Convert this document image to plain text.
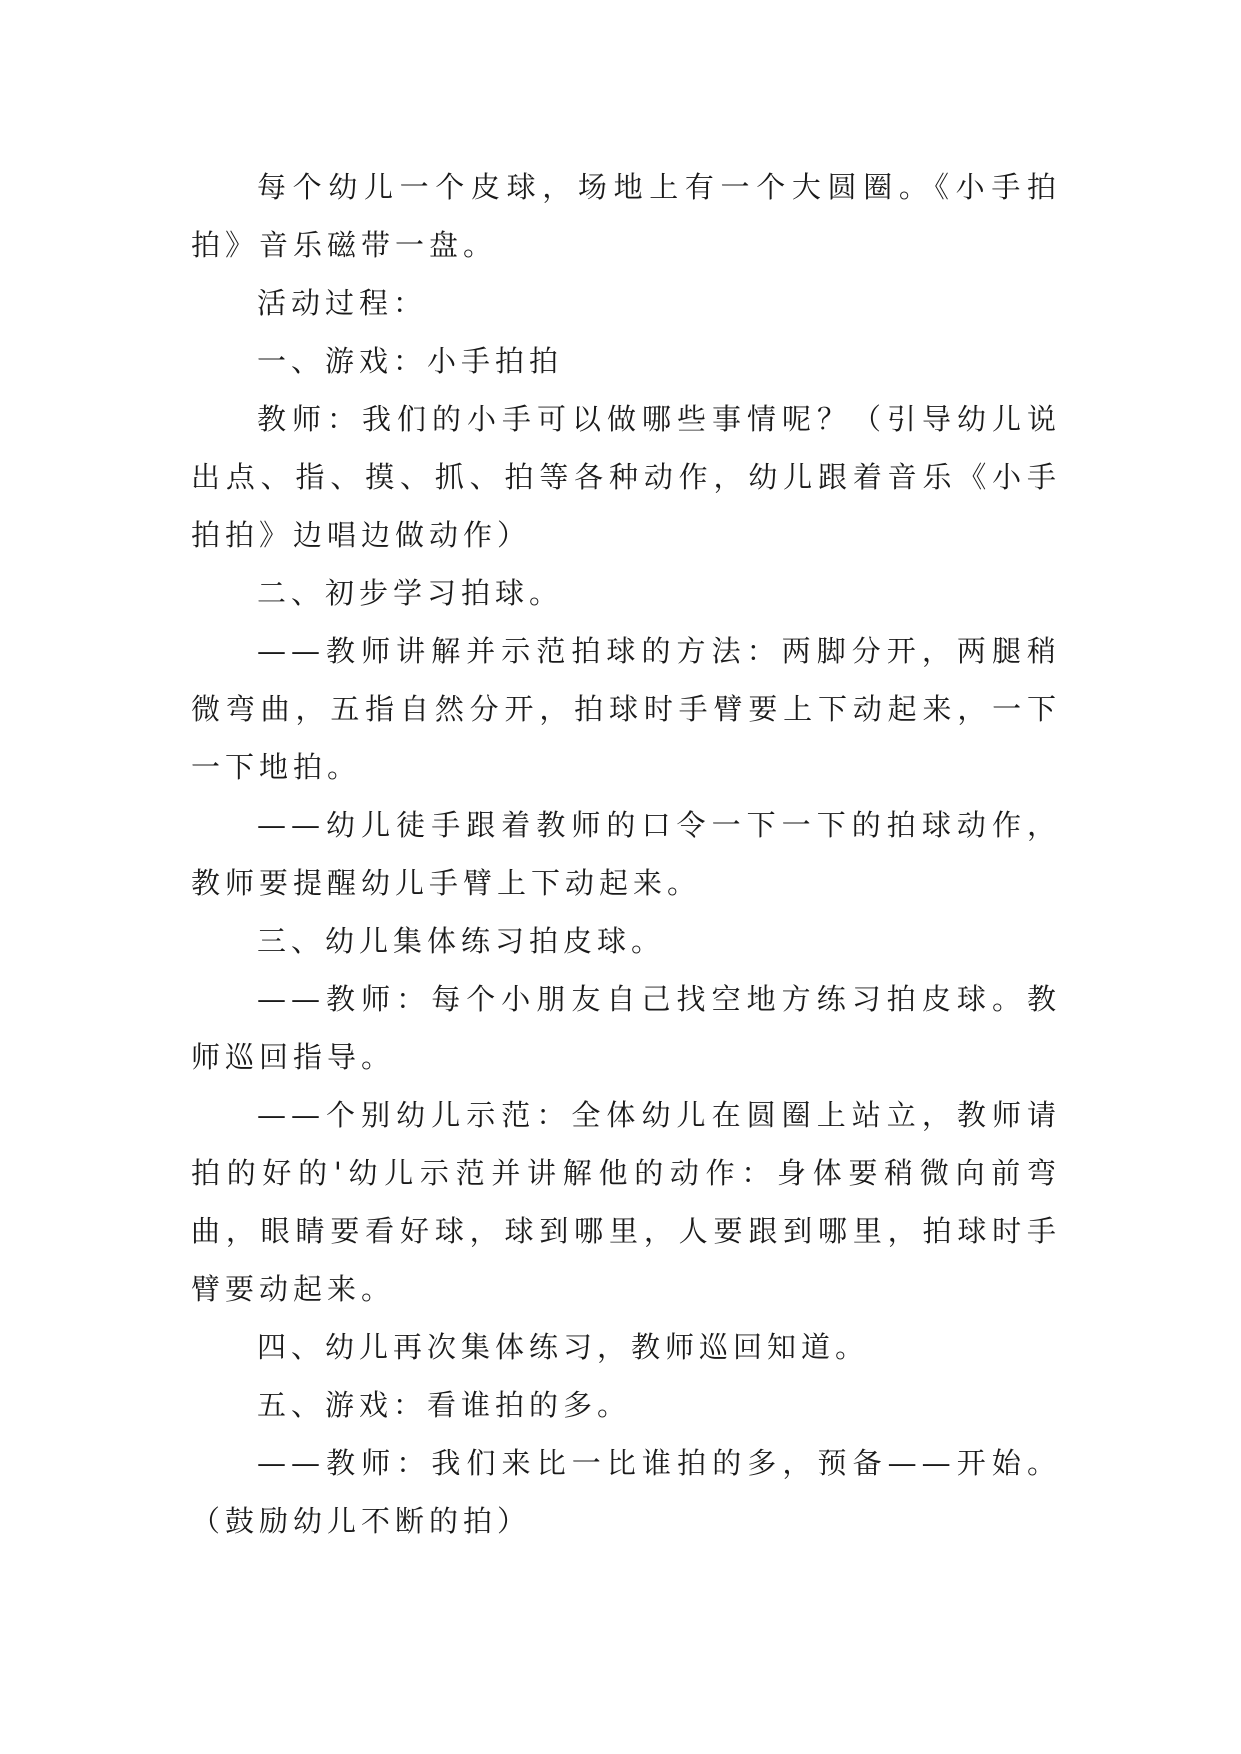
每个幼儿一个皮球，场地上有一个大圆圈。《小手拍拍》音乐磁带一盘。

活动过程：

一、游戏：小手拍拍

教师：我们的小手可以做哪些事情呢？（引导幼儿说出点、指、摸、抓、拍等各种动作，幼儿跟着音乐《小手拍拍》边唱边做动作）

二、初步学习拍球。

——教师讲解并示范拍球的方法：两脚分开，两腿稍微弯曲，五指自然分开，拍球时手臂要上下动起来，一下一下地拍。

——幼儿徒手跟着教师的口令一下一下的拍球动作，教师要提醒幼儿手臂上下动起来。

三、幼儿集体练习拍皮球。

——教师：每个小朋友自己找空地方练习拍皮球。教师巡回指导。

——个别幼儿示范：全体幼儿在圆圈上站立，教师请拍的好的'幼儿示范并讲解他的动作：身体要稍微向前弯曲，眼睛要看好球，球到哪里，人要跟到哪里，拍球时手臂要动起来。

四、幼儿再次集体练习，教师巡回知道。

五、游戏：看谁拍的多。

——教师：我们来比一比谁拍的多，预备——开始。（鼓励幼儿不断的拍）
